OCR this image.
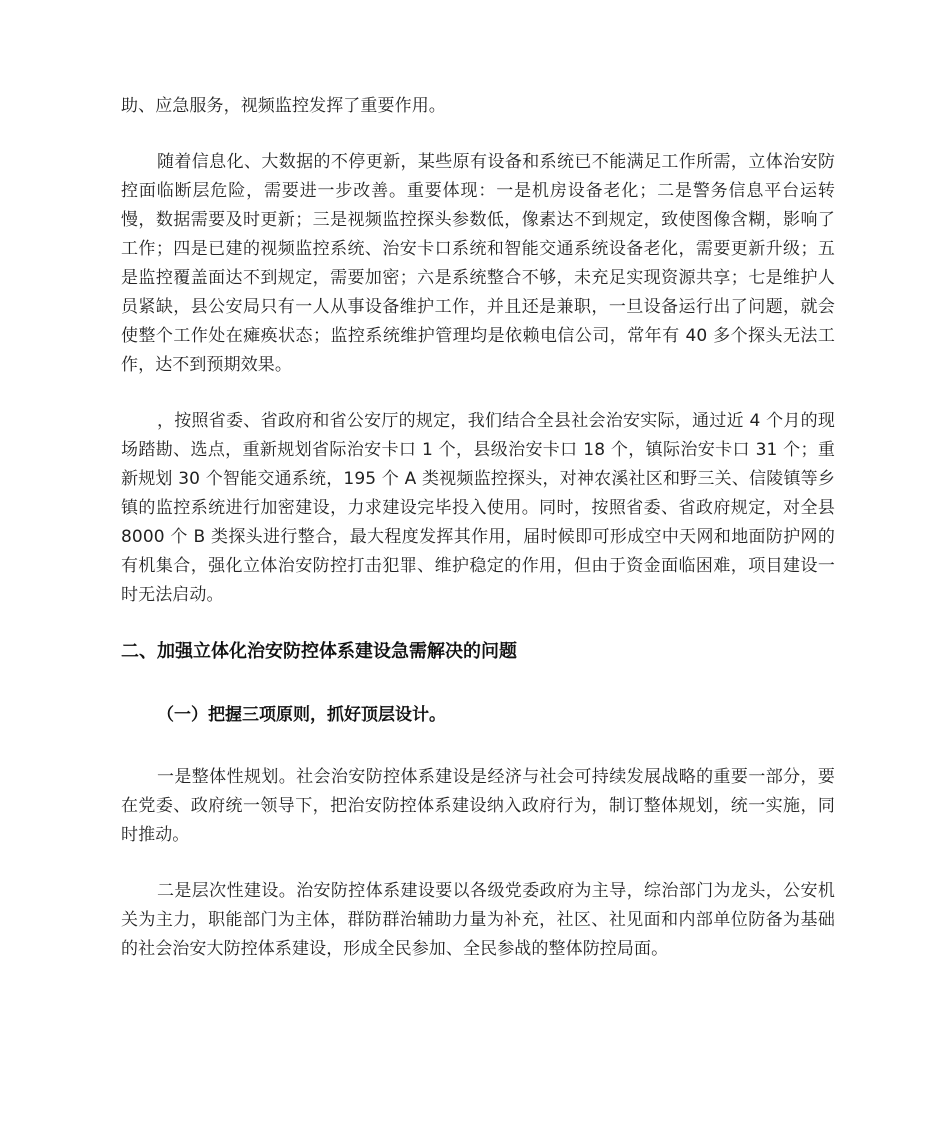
助、应急服务，视频监控发挥了重要作用。

随着信息化、大数据的不停更新，某些原有设备和系统已不能满足工作所需，立体治安防控面临断层危险，需要进一步改善。重要体现：一是机房设备老化；二是警务信息平台运转慢，数据需要及时更新；三是视频监控探头参数低，像素达不到规定，致使图像含糊，影响了工作；四是已建的视频监控系统、治安卡口系统和智能交通系统设备老化，需要更新升级；五是监控覆盖面达不到规定，需要加密；六是系统整合不够，未充足实现资源共享；七是维护人员紧缺，县公安局只有一人从事设备维护工作，并且还是兼职，一旦设备运行出了问题，就会使整个工作处在瘫痪状态；监控系统维护管理均是依赖电信公司，常年有 40 多个探头无法工作，达不到预期效果。

，按照省委、省政府和省公安厅的规定，我们结合全县社会治安实际，通过近 4 个月的现场踏勘、选点，重新规划省际治安卡口 1 个，县级治安卡口 18 个，镇际治安卡口 31 个；重新规划 30 个智能交通系统，195 个 A 类视频监控探头，对神农溪社区和野三关、信陵镇等乡镇的监控系统进行加密建设，力求建设完毕投入使用。同时，按照省委、省政府规定，对全县 8000 个 B 类探头进行整合，最大程度发挥其作用，届时候即可形成空中天网和地面防护网的有机集合，强化立体治安防控打击犯罪、维护稳定的作用，但由于资金面临困难，项目建设一时无法启动。

二、加强立体化治安防控体系建设急需解决的问题
（一）把握三项原则，抓好顶层设计。

一是整体性规划。社会治安防控体系建设是经济与社会可持续发展战略的重要一部分，要在党委、政府统一领导下，把治安防控体系建设纳入政府行为，制订整体规划，统一实施，同时推动。

二是层次性建设。治安防控体系建设要以各级党委政府为主导，综治部门为龙头，公安机关为主力，职能部门为主体，群防群治辅助力量为补充，社区、社见面和内部单位防备为基础的社会治安大防控体系建设，形成全民参加、全民参战的整体防控局面。
